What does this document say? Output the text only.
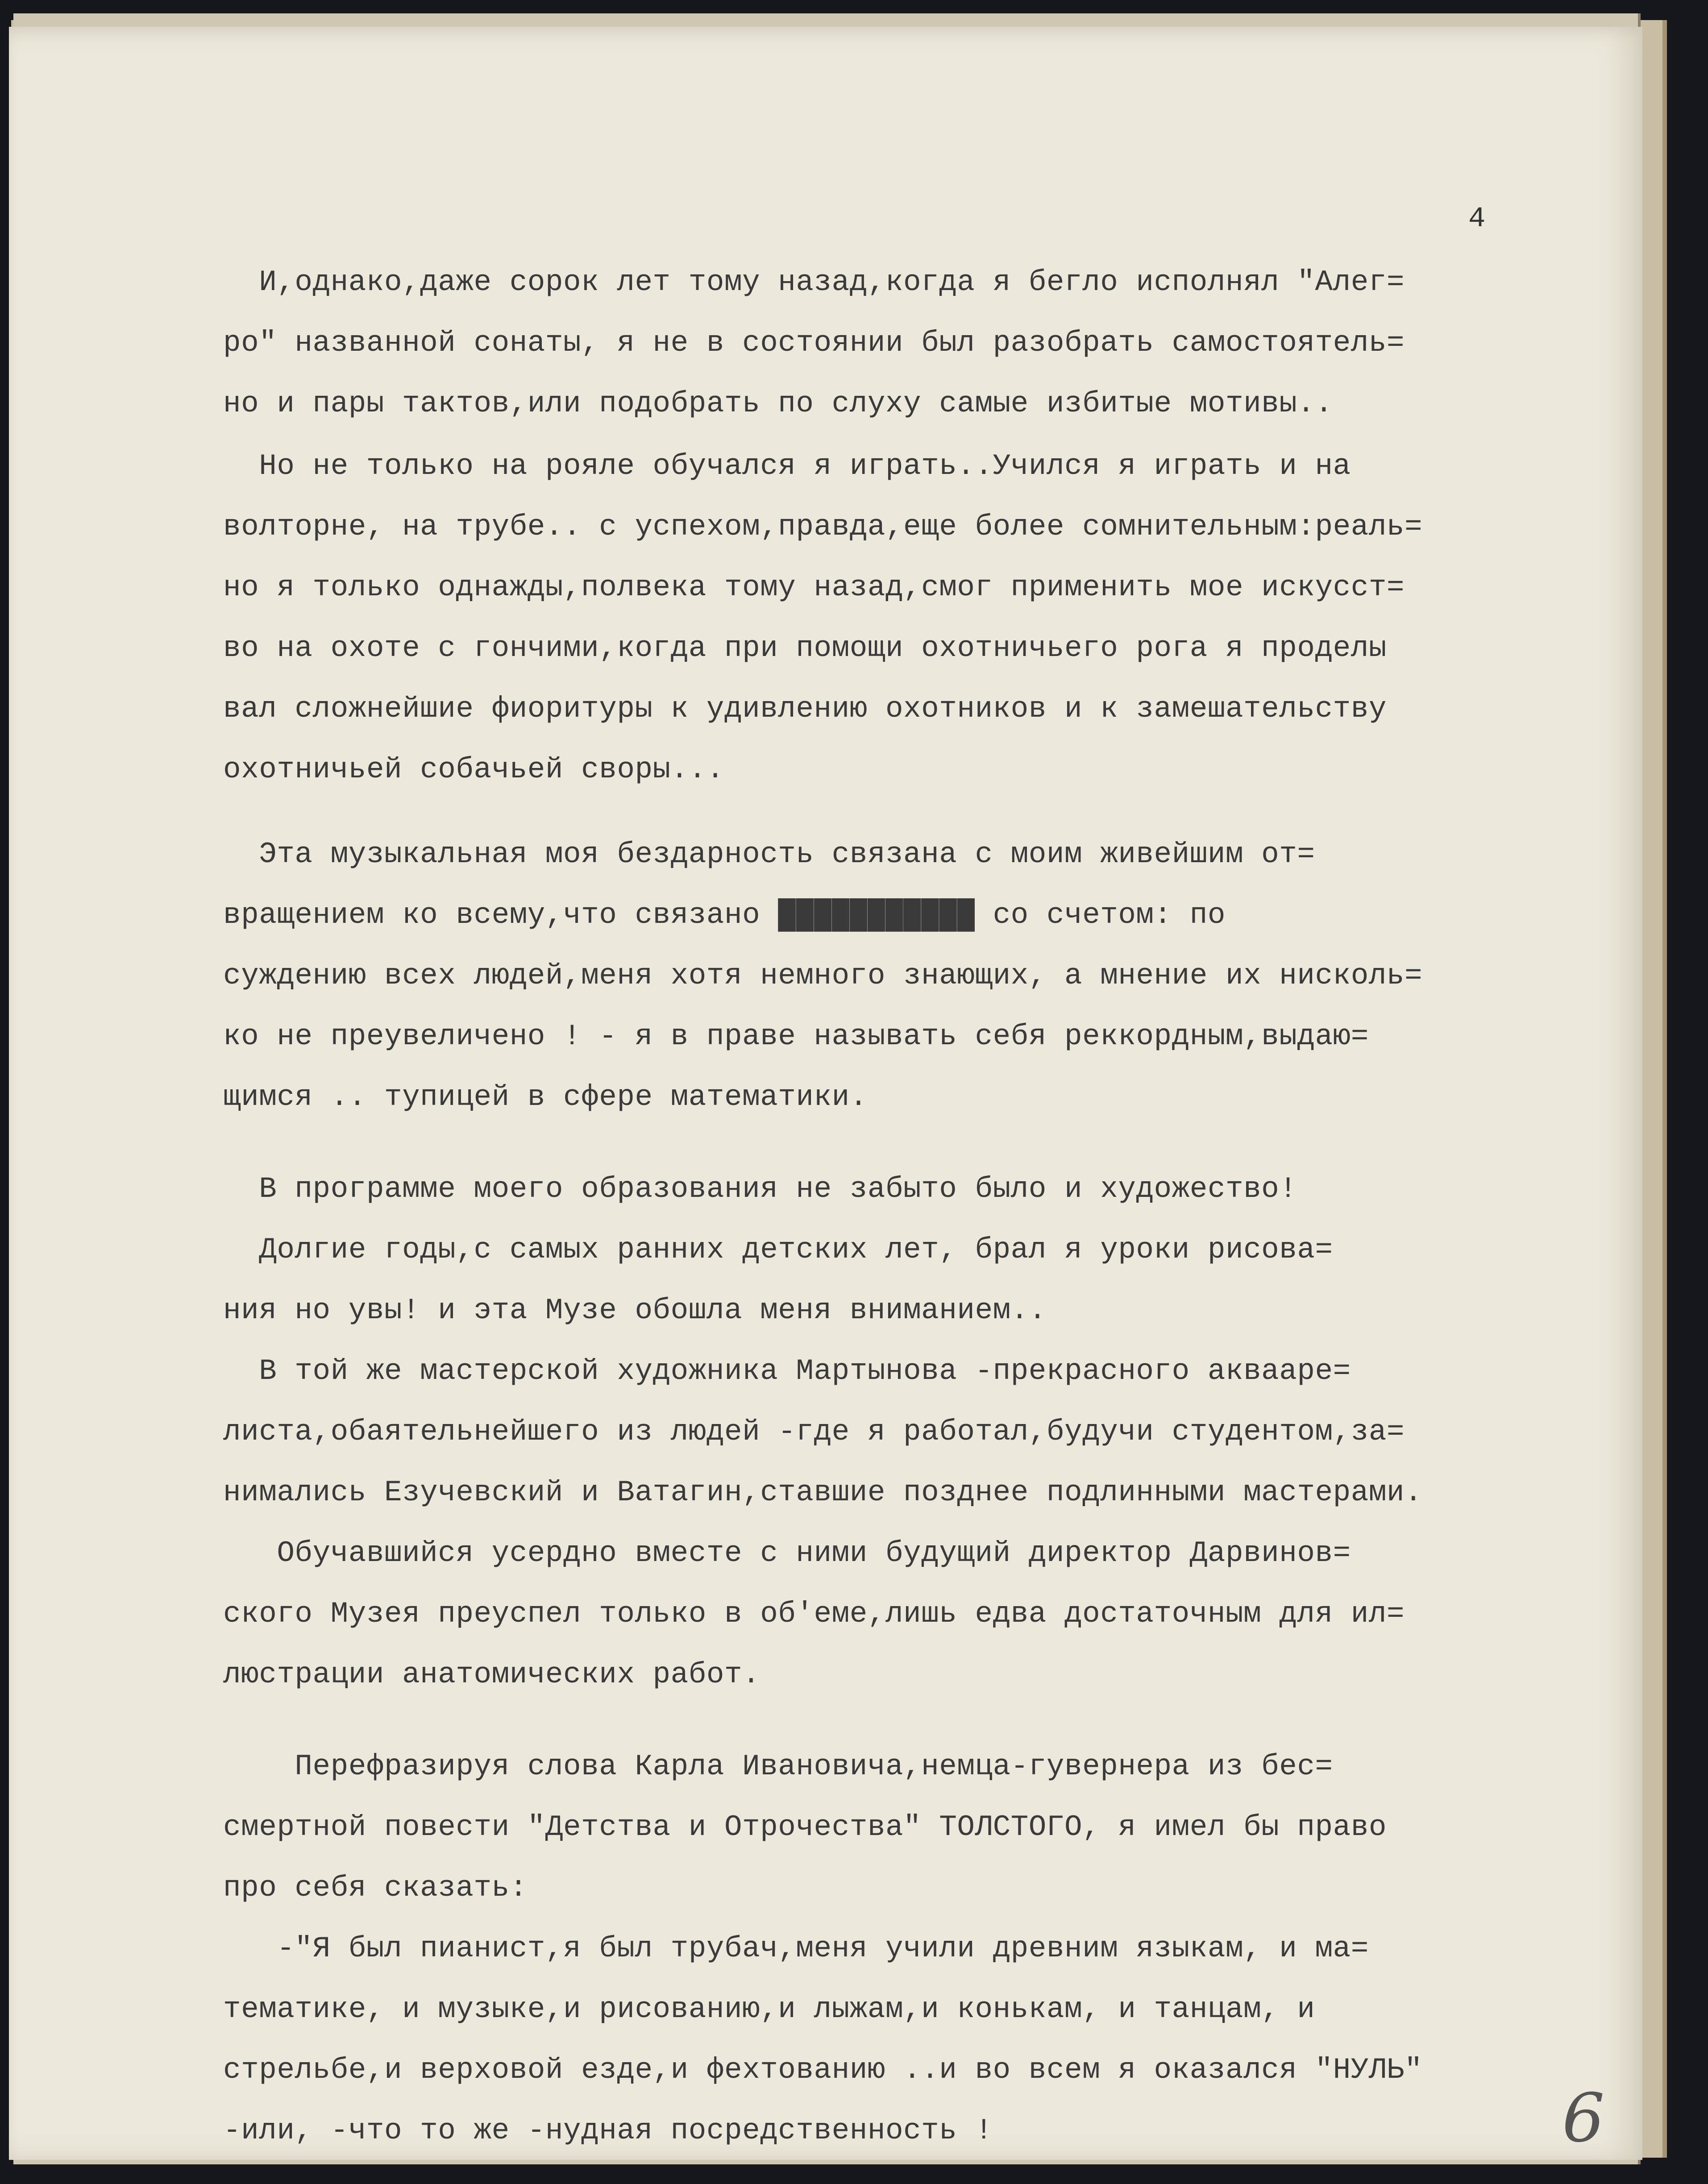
4
И,однако,даже сорок лет тому назад,когда я бегло исполнял "Алег=
ро" названной сонаты, я не в состоянии был разобрать самостоятель=
но и пары тактов,или подобрать по слуху самые избитые мотивы..
Но не только на рояле обучался я играть..Учился я играть и на
волторне, на трубе.. с успехом,правда,еще более сомнительным:реаль=
но я только однажды,полвека тому назад,смог применить мое искусст=
во на охоте с гончими,когда при помощи охотничьего рога я проделы
вал сложнейшие фиоритуры к удивлению охотников и к замешательству
охотничьей собачьей своры...
Эта музыкальная моя бездарность связана с моим живейшим от=
вращением ко всему,что связано ███████████ со счетом: по
суждению всех людей,меня хотя немного знающих, а мнение их нисколь=
ко не преувеличено ! - я в праве называть себя реккордным,выдаю=
щимся .. тупицей в сфере математики.
В программе моего образования не забыто было и художество!
Долгие годы,с самых ранних детских лет, брал я уроки рисова=
ния но увы! и эта Музе обошла меня вниманием..
В той же мастерской художника Мартынова -прекрасного аквааре=
листа,обаятельнейшего из людей -где я работал,будучи студентом,за=
нимались Езучевский и Ватагин,ставшие позднее подлинными мастерами.
Обучавшийся усердно вместе с ними будущий директор Дарвинов=
ского Музея преуспел только в об'еме,лишь едва достаточным для ил=
люстрации анатомических работ.
Перефразируя слова Карла Ивановича,немца-гувернера из бес=
смертной повести "Детства и Отрочества" ТОЛСТОГО, я имел бы право
про себя сказать:
-"Я был пианист,я был трубач,меня учили древним языкам, и ма=
тематике, и музыке,и рисованию,и лыжам,и конькам, и танцам, и
стрельбе,и верховой езде,и фехтованию ..и во всем я оказался "НУЛЬ"
-или, -что то же -нудная посредственность !	6
